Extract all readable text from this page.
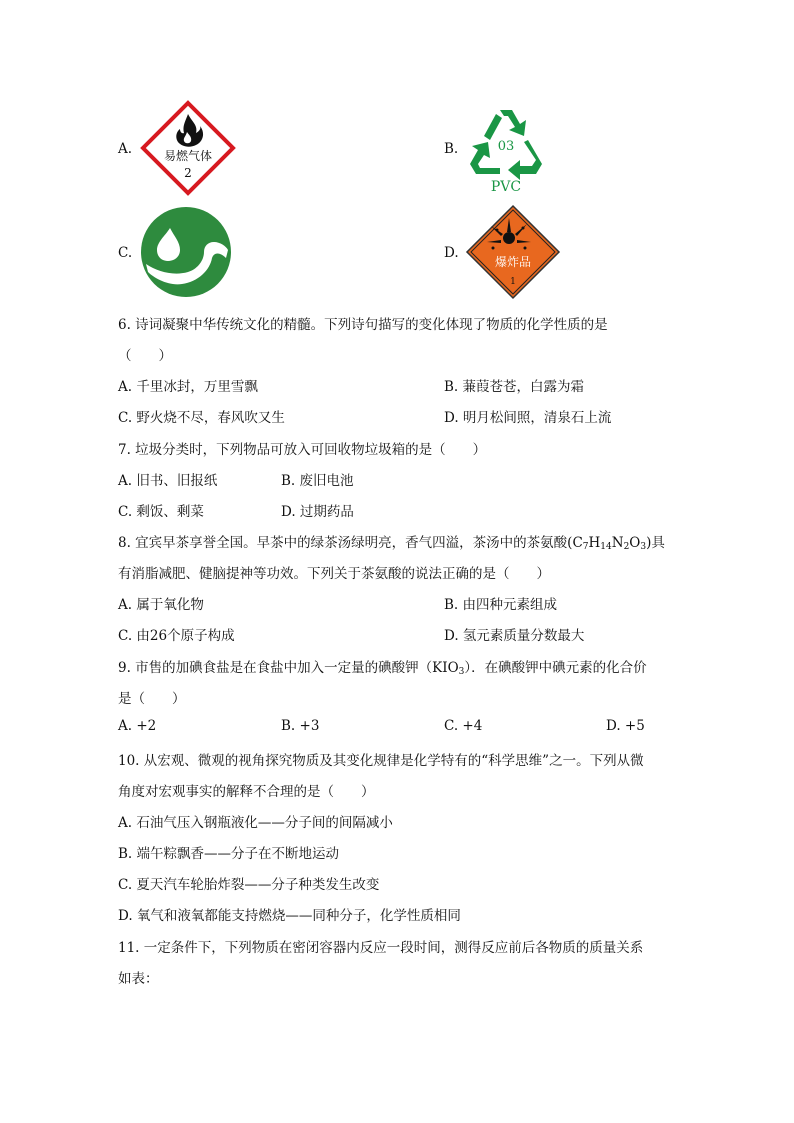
A.	易燃气体
2
B.	03
PVC
C.	D.
爆炸品
1
6. 诗词凝聚中华传统文化的精髓。下列诗句描写的变化体现了物质的化学性质的是
（　　）
A. 千里冰封，万里雪飘	B. 蒹葭苍苍，白露为霜
C. 野火烧不尽，春风吹又生	D. 明月松间照，清泉石上流
7. 垃圾分类时，下列物品可放入可回收物垃圾箱的是（　　）
A. 旧书、旧报纸	B. 废旧电池
C. 剩饭、剩菜	D. 过期药品
8. 宜宾早茶享誉全国。早茶中的绿茶汤绿明亮，香气四溢，茶汤中的茶氨酸$(C_7H_{14}N_2O_3)$具
有消脂减肥、健脑提神等功效。下列关于茶氨酸的说法正确的是（　　）
A. 属于氧化物	B. 由四种元素组成
C. 由26个原子构成	D. 氢元素质量分数最大
9. 市售的加碘食盐是在食盐中加入一定量的碘酸钾$(KIO_3)$．在碘酸钾中碘元素的化合价
是（　　）
A. +2	B. +3	C. +4	D. +5
10. 从宏观、微观的视角探究物质及其变化规律是化学特有的“科学思维”之一。下列从微
角度对宏观事实的解释不合理的是（　　）
A. 石油气压入钢瓶液化——分子间的间隔减小
B. 端午粽飘香——分子在不断地运动
C. 夏天汽车轮胎炸裂——分子种类发生改变
D. 氧气和液氧都能支持燃烧——同种分子，化学性质相同
11. 一定条件下，下列物质在密闭容器内反应一段时间，测得反应前后各物质的质量关系
如表：
